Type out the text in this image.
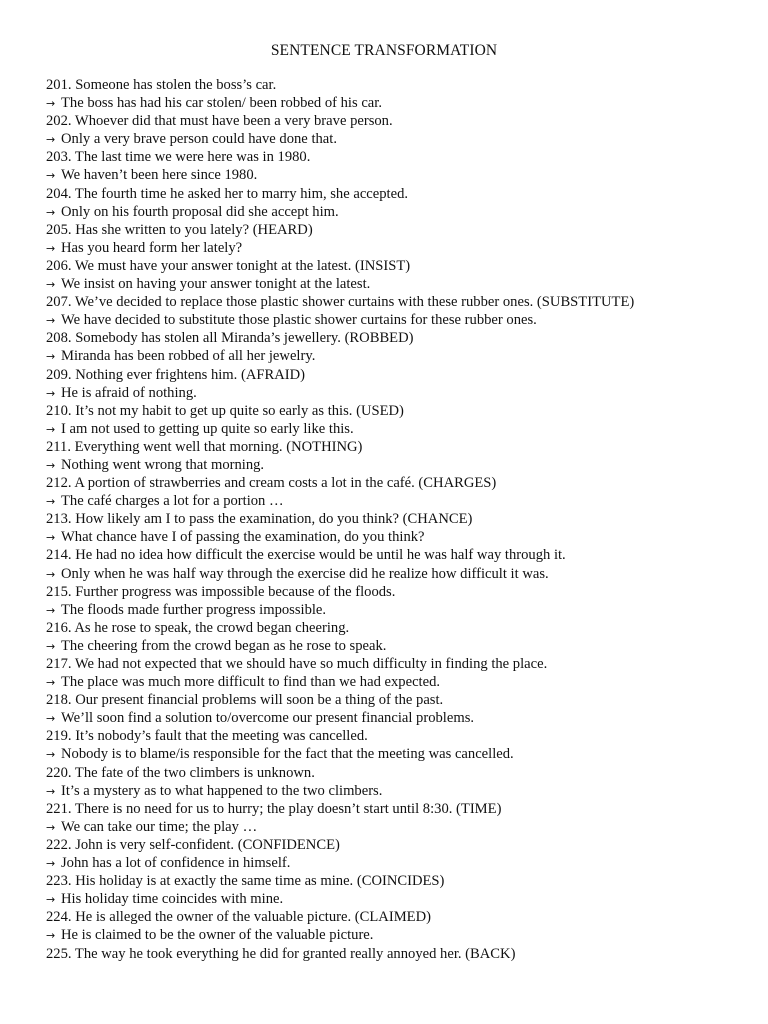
SENTENCE TRANSFORMATION
201. Someone has stolen the boss’s car.
→ The boss has had his car stolen/ been robbed of his car.
202. Whoever did that must have been a very brave person.
→ Only a very brave person could have done that.
203. The last time we were here was in 1980.
→ We haven’t been here since 1980.
204. The fourth time he asked her to marry him, she accepted.
→ Only on his fourth proposal did she accept him.
205. Has she written to you lately? (HEARD)
→ Has you heard form her lately?
206. We must have your answer tonight at the latest. (INSIST)
→ We insist on having your answer tonight at the latest.
207. We’ve decided to replace those plastic shower curtains with these rubber ones. (SUBSTITUTE)
→ We have decided to substitute those plastic shower curtains for these rubber ones.
208. Somebody has stolen all Miranda’s jewellery. (ROBBED)
→ Miranda has been robbed of all her jewelry.
209. Nothing ever frightens him. (AFRAID)
→ He is afraid of nothing.
210. It’s not my habit to get up quite so early as this. (USED)
→ I am not used to getting up quite so early like this.
211. Everything went well that morning. (NOTHING)
→ Nothing went wrong that morning.
212. A portion of strawberries and cream costs a lot in the café. (CHARGES)
→ The café charges a lot for a portion …
213. How likely am I to pass the examination, do you think? (CHANCE)
→ What chance have I of passing the examination, do you think?
214. He had no idea how difficult the exercise would be until he was half way through it.
→ Only when he was half way through the exercise did he realize how difficult it was.
215. Further progress was impossible because of the floods.
→ The floods made further progress impossible.
216. As he rose to speak, the crowd began cheering.
→ The cheering from the crowd began as he rose to speak.
217. We had not expected that we should have so much difficulty in finding the place.
→ The place was much more difficult to find than we had expected.
218. Our present financial problems will soon be a thing of the past.
→ We’ll soon find a solution to/overcome our present financial problems.
219. It’s nobody’s fault that the meeting was cancelled.
→ Nobody is to blame/is responsible for the fact that the meeting was cancelled.
220. The fate of the two climbers is unknown.
→ It’s a mystery as to what happened to the two climbers.
221. There is no need for us to hurry; the play doesn’t start until 8:30. (TIME)
→ We can take our time; the play …
222. John is very self-confident. (CONFIDENCE)
→ John has a lot of confidence in himself.
223. His holiday is at exactly the same time as mine. (COINCIDES)
→ His holiday time coincides with mine.
224. He is alleged the owner of the valuable picture. (CLAIMED)
→ He is claimed to be the owner of the valuable picture.
225. The way he took everything he did for granted really annoyed her. (BACK)
